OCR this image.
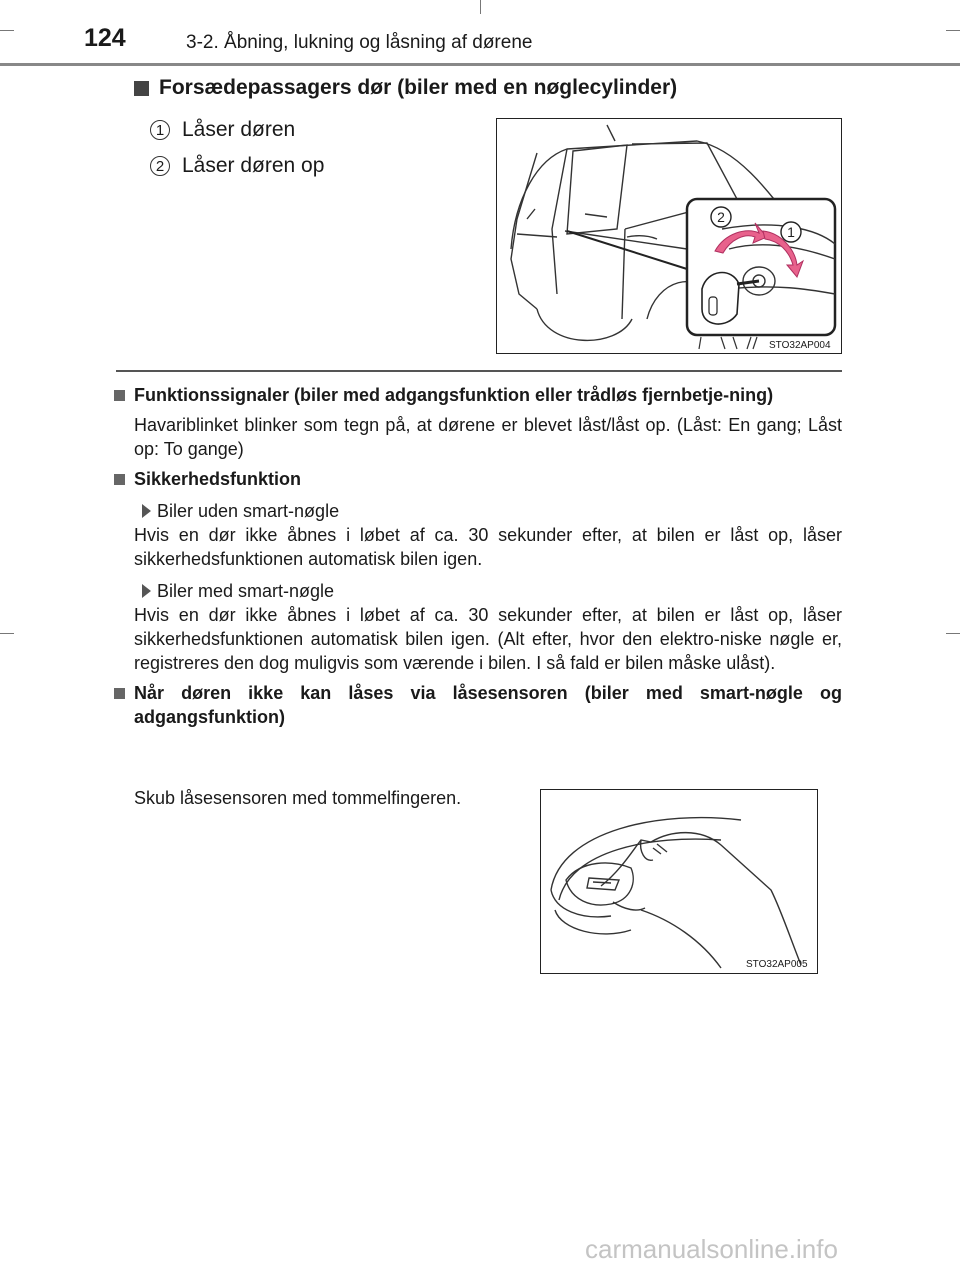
124	3-2. Åbning, lukning og låsning af dørene
Forsædepassagers dør (biler med en nøglecylinder)
1 Låser døren
2 Låser døren op
2
1
STO32AP004
Funktionssignaler (biler med adgangsfunktion eller trådløs fjernbetje-ning)
Havariblinket blinker som tegn på, at dørene er blevet låst/låst op. (Låst: En gang; Låst op: To gange)
Sikkerhedsfunktion
Biler uden smart-nøgle
Hvis en dør ikke åbnes i løbet af ca. 30 sekunder efter, at bilen er låst op, låser sikkerhedsfunktionen automatisk bilen igen.
Biler med smart-nøgle
Hvis en dør ikke åbnes i løbet af ca. 30 sekunder efter, at bilen er låst op, låser sikkerhedsfunktionen automatisk bilen igen. (Alt efter, hvor den elektro-niske nøgle er, registreres den dog muligvis som værende i bilen. I så fald er bilen måske ulåst).
Når døren ikke kan låses via låsesensoren (biler med smart-nøgle og adgangsfunktion)
Skub låsesensoren med tommelfingeren.
STO32AP005
carmanualsonline.info
